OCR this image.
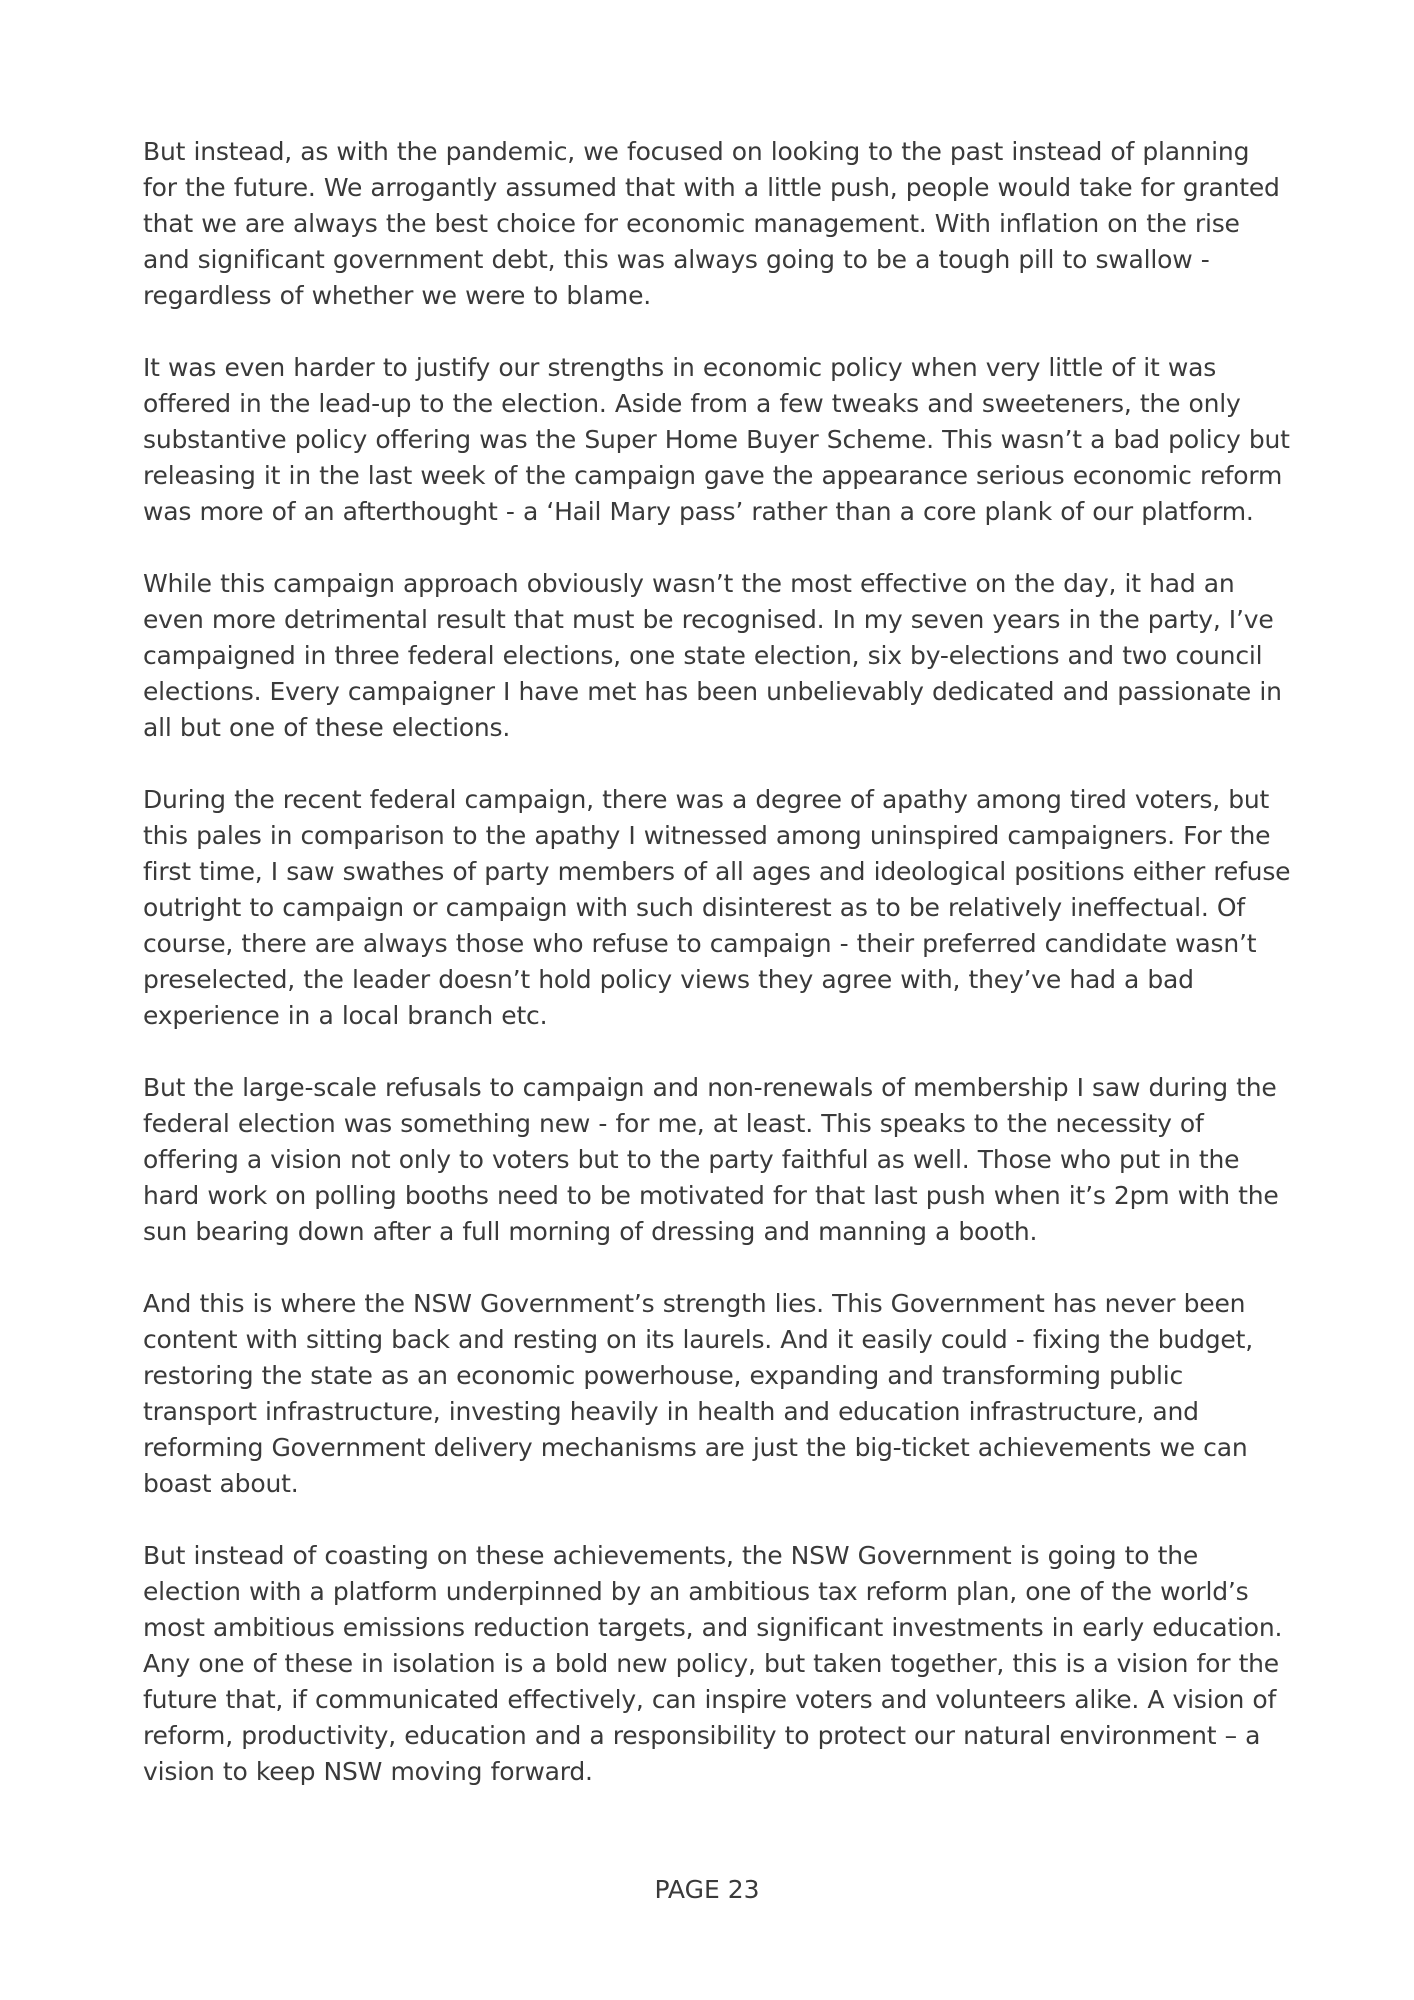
But instead, as with the pandemic, we focused on looking to the past instead of planning for the future. We arrogantly assumed that with a little push, people would take for granted that we are always the best choice for economic management. With inflation on the rise and significant government debt, this was always going to be a tough pill to swallow - regardless of whether we were to blame.

It was even harder to justify our strengths in economic policy when very little of it was offered in the lead-up to the election. Aside from a few tweaks and sweeteners, the only substantive policy offering was the Super Home Buyer Scheme. This wasn’t a bad policy but releasing it in the last week of the campaign gave the appearance serious economic reform was more of an afterthought - a ‘Hail Mary pass’ rather than a core plank of our platform.

While this campaign approach obviously wasn’t the most effective on the day, it had an even more detrimental result that must be recognised. In my seven years in the party, I’ve campaigned in three federal elections, one state election, six by-elections and two council elections. Every campaigner I have met has been unbelievably dedicated and passionate in all but one of these elections.

During the recent federal campaign, there was a degree of apathy among tired voters, but this pales in comparison to the apathy I witnessed among uninspired campaigners. For the first time, I saw swathes of party members of all ages and ideological positions either refuse outright to campaign or campaign with such disinterest as to be relatively ineffectual. Of course, there are always those who refuse to campaign - their preferred candidate wasn’t preselected, the leader doesn’t hold policy views they agree with, they’ve had a bad experience in a local branch etc.

But the large-scale refusals to campaign and non-renewals of membership I saw during the federal election was something new - for me, at least. This speaks to the necessity of offering a vision not only to voters but to the party faithful as well. Those who put in the hard work on polling booths need to be motivated for that last push when it’s 2pm with the sun bearing down after a full morning of dressing and manning a booth.

And this is where the NSW Government’s strength lies. This Government has never been content with sitting back and resting on its laurels. And it easily could - fixing the budget, restoring the state as an economic powerhouse, expanding and transforming public transport infrastructure, investing heavily in health and education infrastructure, and reforming Government delivery mechanisms are just the big-ticket achievements we can boast about.

But instead of coasting on these achievements, the NSW Government is going to the election with a platform underpinned by an ambitious tax reform plan, one of the world’s most ambitious emissions reduction targets, and significant investments in early education. Any one of these in isolation is a bold new policy, but taken together, this is a vision for the future that, if communicated effectively, can inspire voters and volunteers alike. A vision of reform, productivity, education and a responsibility to protect our natural environment – a vision to keep NSW moving forward.

PAGE 23
